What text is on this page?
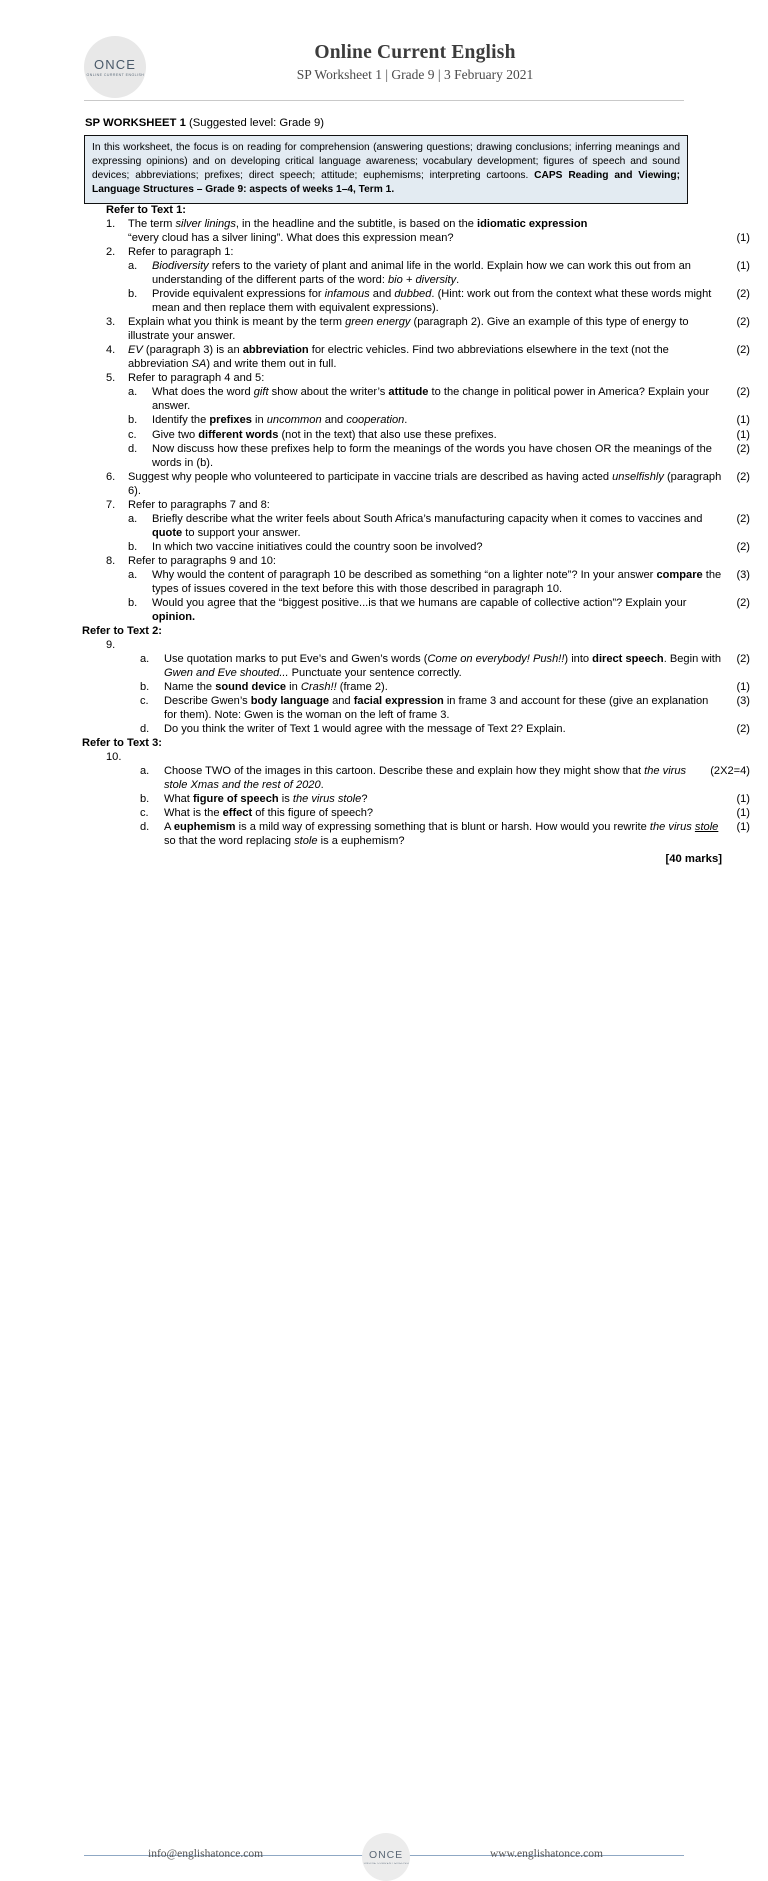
ONCE
ONLINE CURRENT ENGLISH
Online Current English
SP Worksheet 1 | Grade 9 | 3 February 2021
SP WORKSHEET 1 (Suggested level: Grade 9)
In this worksheet, the focus is on reading for comprehension (answering questions; drawing conclusions; inferring meanings and expressing opinions) and on developing critical language awareness; vocabulary development; figures of speech and sound devices; abbreviations; prefixes; direct speech; attitude; euphemisms; interpreting cartoons. CAPS Reading and Viewing; Language Structures – Grade 9: aspects of weeks 1–4, Term 1.
Refer to Text 1:
1.	The term silver linings, in the headline and the subtitle, is based on the idiomatic expression
“every cloud has a silver lining”. What does this expression mean?	(1)
2.	Refer to paragraph 1:
a.	Biodiversity refers to the variety of plant and animal life in the world. Explain how we can work this out from an understanding of the different parts of the word: bio + diversity.
(1)
b.	Provide equivalent expressions for infamous and dubbed. (Hint: work out from the context what these words might mean and then replace them with equivalent expressions).
(2)
3.	Explain what you think is meant by the term green energy (paragraph 2). Give an example of this type of energy to illustrate your answer.
(2)
4.	EV (paragraph 3) is an abbreviation for electric vehicles. Find two abbreviations elsewhere in the text (not the abbreviation SA) and write them out in full.
(2)
5.	Refer to paragraph 4 and 5:
a.	What does the word gift show about the writer’s attitude to the change in political power in America? Explain your answer.
(2)
b.	Identify the prefixes in uncommon and cooperation.	(1)
c.	Give two different words (not in the text) that also use these prefixes.	(1)
d.	Now discuss how these prefixes help to form the meanings of the words you have chosen OR the meanings of the words in (b).
(2)
6.	Suggest why people who volunteered to participate in vaccine trials are described as having acted unselfishly (paragraph 6).
(2)
7.	Refer to paragraphs 7 and 8:
a.	Briefly describe what the writer feels about South Africa’s manufacturing capacity when it comes to vaccines and quote to support your answer.
(2)
b.	In which two vaccine initiatives could the country soon be involved?	(2)
8.	Refer to paragraphs 9 and 10:
a.	Why would the content of paragraph 10 be described as something “on a lighter note”? In your answer compare the types of issues covered in the text before this with those described in paragraph 10.
(3)
b.	Would you agree that the “biggest positive...is that we humans are capable of collective action”? Explain your opinion.
(2)
Refer to Text 2:
9.
a.	Use quotation marks to put Eve’s and Gwen’s words (Come on everybody! Push!!) into direct speech. Begin with Gwen and Eve shouted... Punctuate your sentence correctly.
(2)
b.	Name the sound device in Crash!! (frame 2).	(1)
c.	Describe Gwen’s body language and facial expression in frame 3 and account for these (give an explanation for them). Note: Gwen is the woman on the left of frame 3.
(3)
d.	Do you think the writer of Text 1 would agree with the message of Text 2? Explain.	(2)
Refer to Text 3:
10.
a.	Choose TWO of the images in this cartoon. Describe these and explain how they might show that the virus stole Xmas and the rest of 2020.
(2X2=4)
b.	What figure of speech is the virus stole?	(1)
c.	What is the effect of this figure of speech?	(1)
d.	A euphemism is a mild way of expressing something that is blunt or harsh. How would you rewrite the virus stole so that the word replacing stole is a euphemism?
(1)
[40 marks]
info@englishatonce.com	ONCE
ONLINE CURRENT ENGLISH
www.englishatonce.com
